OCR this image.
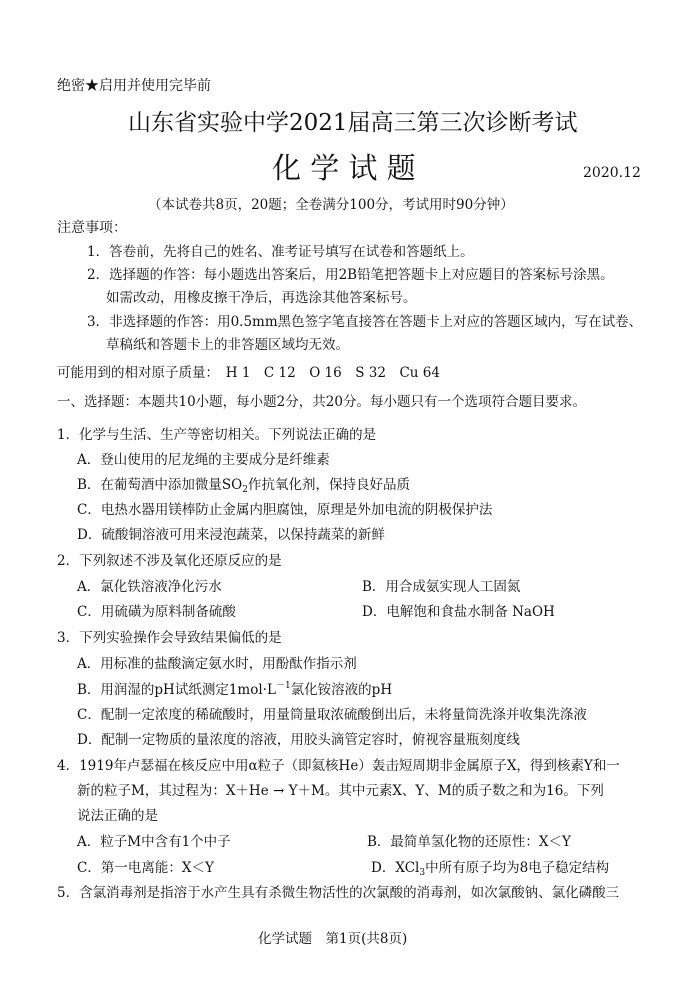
绝密★启用并使用完毕前
山东省实验中学2021届高三第三次诊断考试
化 学 试 题	2020.12
（本试卷共8页，20题；全卷满分100分，考试用时90分钟）
注意事项：
1．答卷前，先将自己的姓名、准考证号填写在试卷和答题纸上。
2．选择题的作答：每小题选出答案后，用2B铅笔把答题卡上对应题目的答案标号涂黑。
如需改动，用橡皮擦干净后，再选涂其他答案标号。
3．非选择题的作答：用0.5mm黑色签字笔直接答在答题卡上对应的答题区域内，写在试卷、
草稿纸和答题卡上的非答题区域均无效。
可能用到的相对原子质量：　H 1　C 12　O 16　S 32　Cu 64
一、选择题：本题共10小题，每小题2分，共20分。每小题只有一个选项符合题目要求。
1．化学与生活、生产等密切相关。下列说法正确的是
A．登山使用的尼龙绳的主要成分是纤维素
B．在葡萄酒中添加微量$SO_2$作抗氧化剂，保持良好品质
C．电热水器用镁棒防止金属内胆腐蚀，原理是外加电流的阴极保护法
D．硫酸铜溶液可用来浸泡蔬菜，以保持蔬菜的新鲜
2．下列叙述不涉及氧化还原反应的是
A．氯化铁溶液净化污水	B．用合成氨实现人工固氮
C．用硫磺为原料制备硫酸	D．电解饱和食盐水制备 NaOH
3．下列实验操作会导致结果偏低的是
A．用标准的盐酸滴定氨水时，用酚酞作指示剂
B．用润湿的pH试纸测定$1mol\cdot L^{-1}$氯化铵溶液的pH
C．配制一定浓度的稀硫酸时，用量筒量取浓硫酸倒出后，未将量筒洗涤并收集洗涤液
D．配制一定物质的量浓度的溶液，用胶头滴管定容时，俯视容量瓶刻度线
4．1919年卢瑟福在核反应中用α粒子（即氦核He）轰击短周期非金属原子X，得到核素Y和一
新的粒子M，其过程为：X＋He → Y＋M。其中元素X、Y、M的质子数之和为16。下列
说法正确的是
A．粒子M中含有1个中子	B．最简单氢化物的还原性：X＜Y
C．第一电离能：X＜Y	D．XCl$_3$中所有原子均为8电子稳定结构
5．含氯消毒剂是指溶于水产生具有杀微生物活性的次氯酸的消毒剂，如次氯酸钠、氯化磷酸三
化学试题　第1页(共8页)
